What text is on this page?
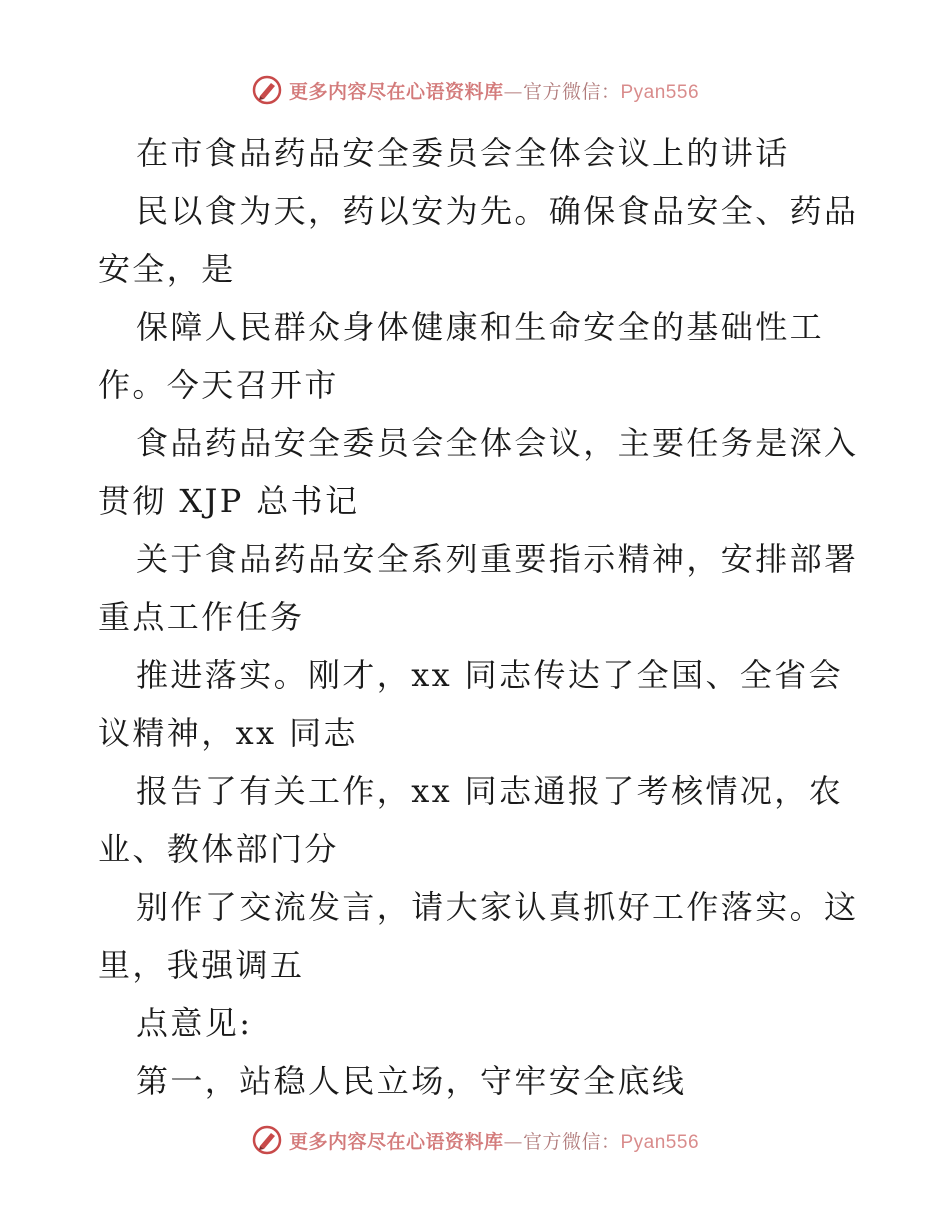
更多内容尽在心语资料库—官方微信：Pyan556
在市食品药品安全委员会全体会议上的讲话
民以食为天，药以安为先。确保食品安全、药品
安全，是
保障人民群众身体健康和生命安全的基础性工
作。今天召开市
食品药品安全委员会全体会议，主要任务是深入
贯彻 XJP 总书记
关于食品药品安全系列重要指示精神，安排部署
重点工作任务
推进落实。刚才，xx 同志传达了全国、全省会
议精神，xx 同志
报告了有关工作，xx 同志通报了考核情况，农
业、教体部门分
别作了交流发言，请大家认真抓好工作落实。这
里，我强调五
点意见:
第一，站稳人民立场，守牢安全底线
更多内容尽在心语资料库—官方微信：Pyan556
